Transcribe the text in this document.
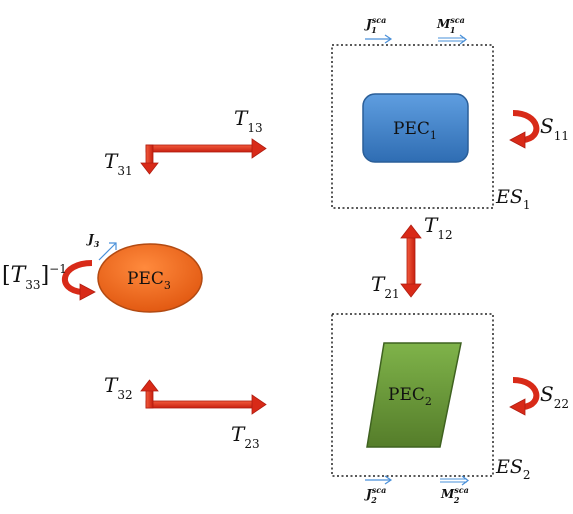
$PEC_1$
$PEC_2$
$PEC_3$
$ES_1$
$ES_2$
$J^{sca}$ 1	$M^{sca}$ 1
$J^{sca}$ 2	$M^{sca}$ 2
$J_3$
$T_{13}$
$T_{31}$
$T_{12}$
$T_{21}$
$T_{32}$
$T_{23}$
$S_{11}$
$S_{22}$
$[T_{33}]^{-1}$
